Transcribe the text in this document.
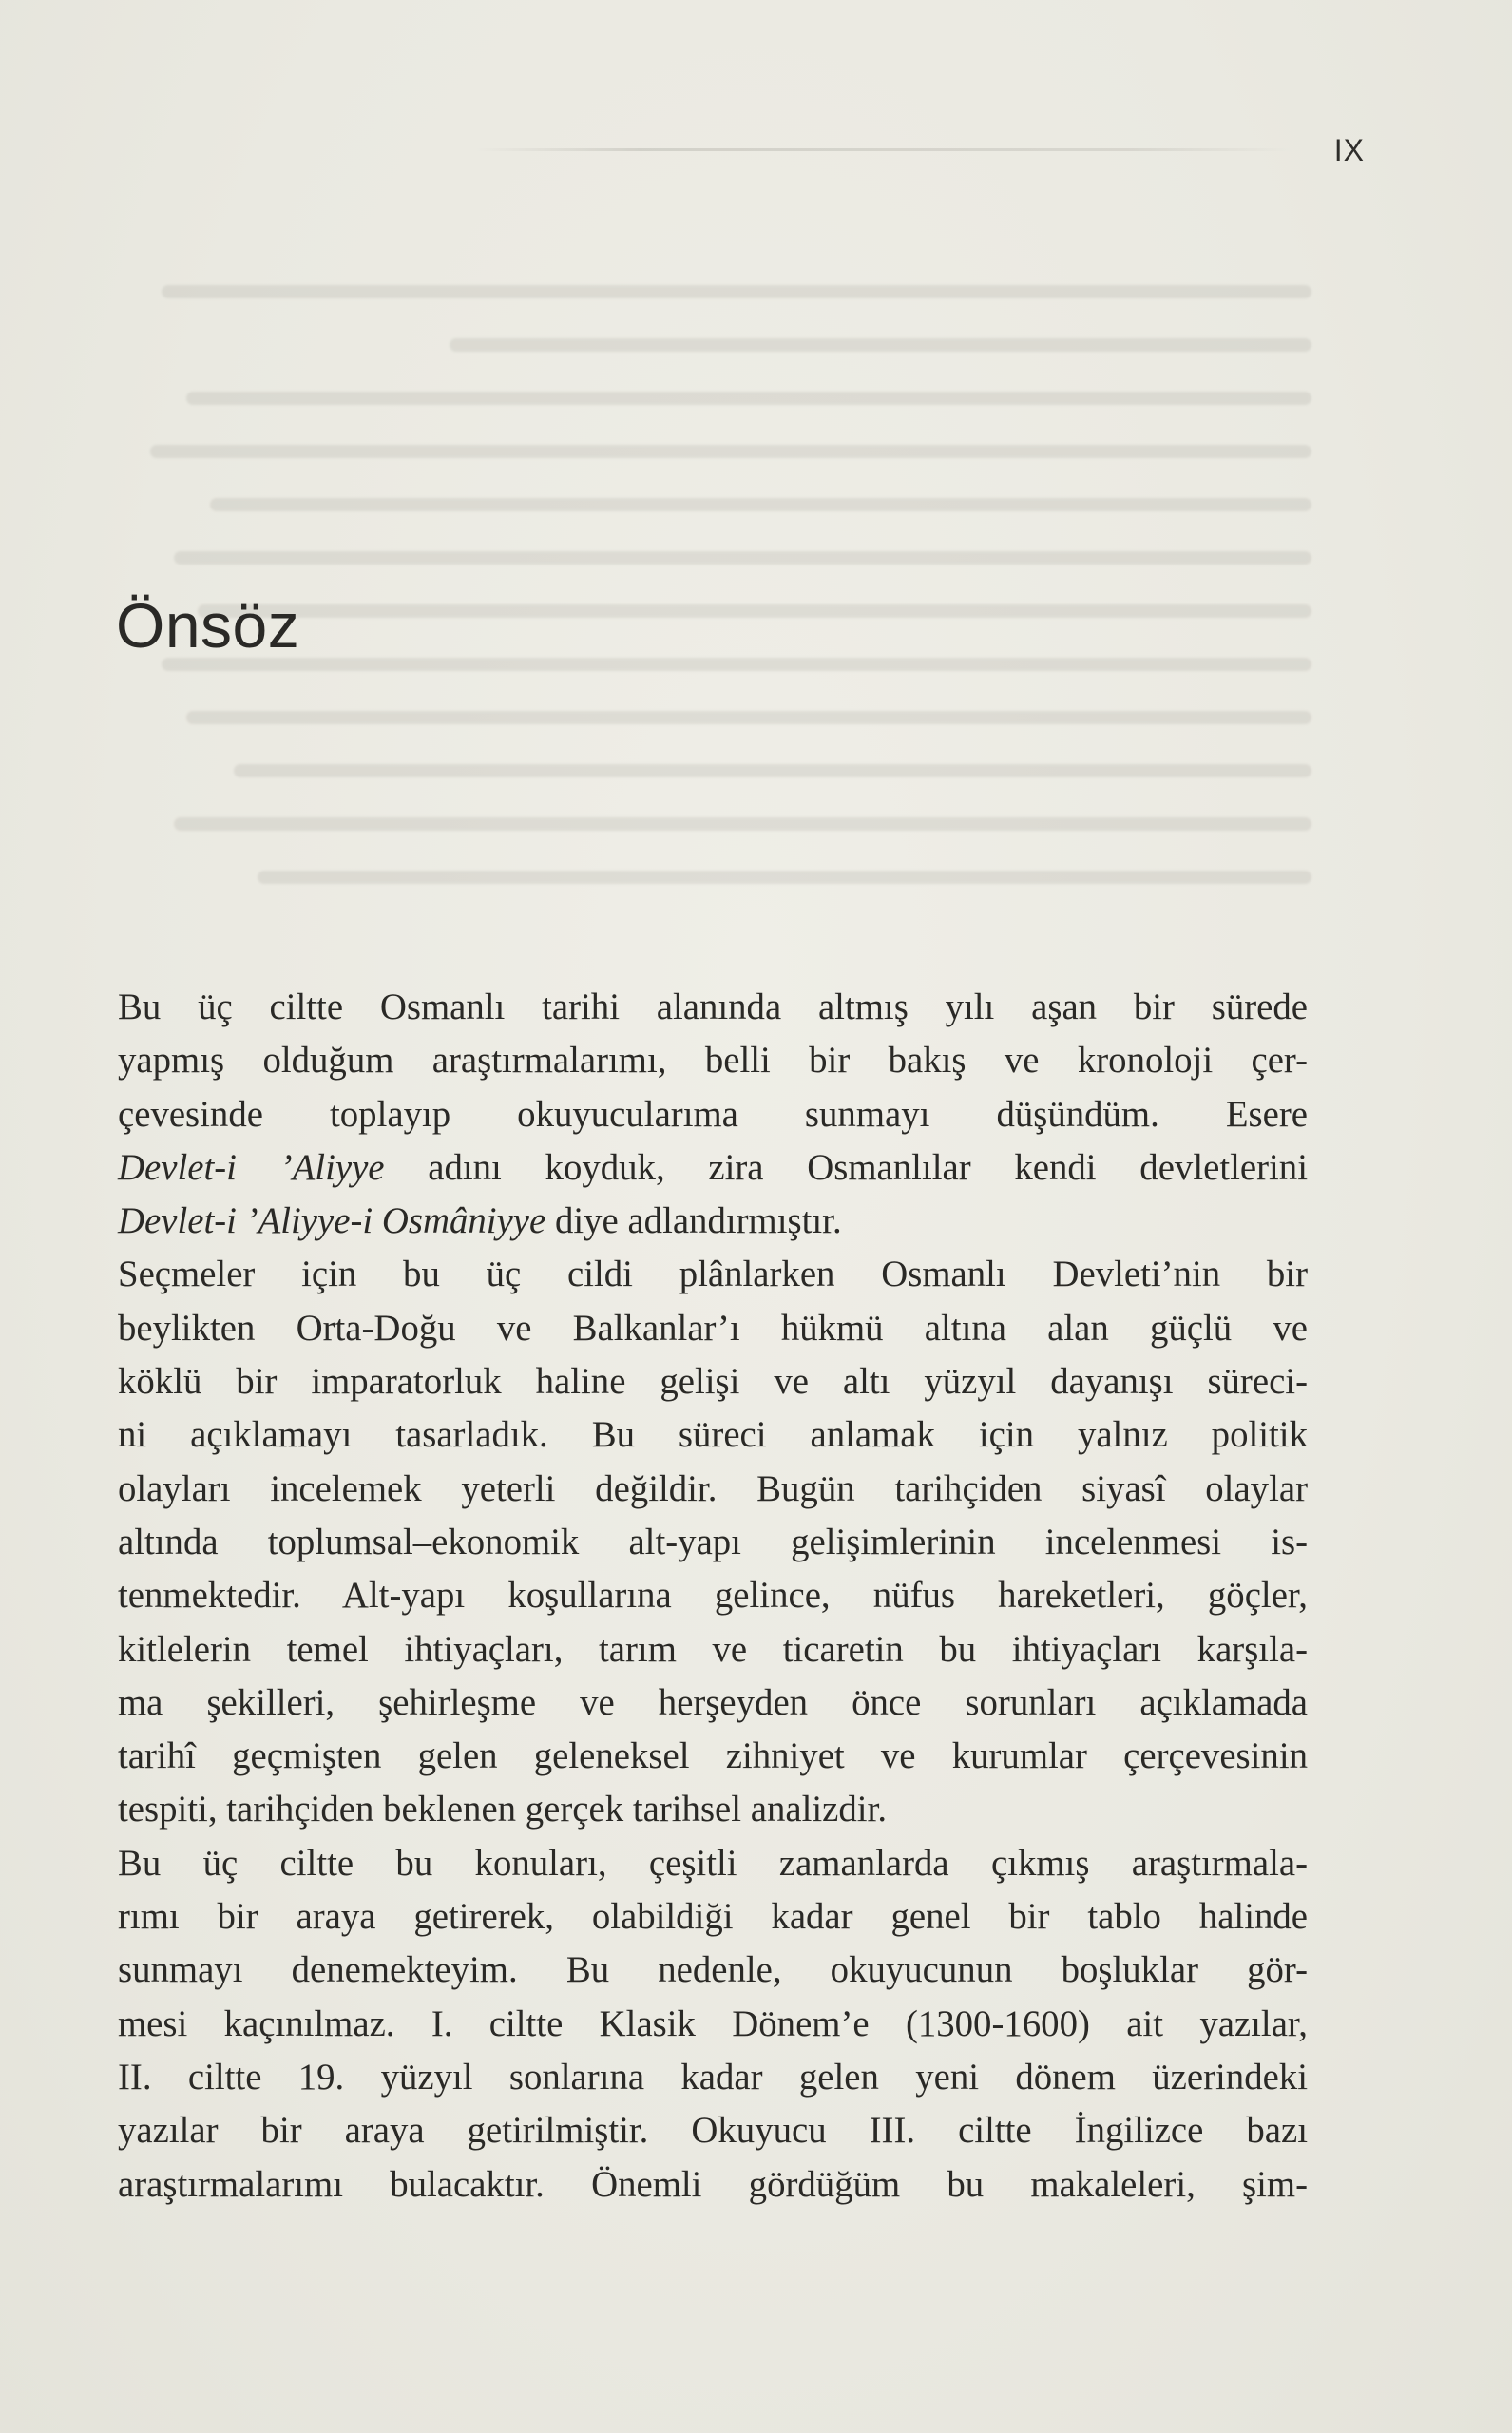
IX
Önsöz

Bu üç ciltte Osmanlı tarihi alanında altmış yılı aşan bir sürede
yapmış olduğum araştırmalarımı, belli bir bakış ve kronoloji çer-
çevesinde toplayıp okuyucularıma sunmayı düşündüm. Esere
Devlet-i ’Aliyye adını koyduk, zira Osmanlılar kendi devletlerini
Devlet-i ’Aliyye-i Osmâniyye diye adlandırmıştır.

Seçmeler için bu üç cildi plânlarken Osmanlı Devleti’nin bir
beylikten Orta-Doğu ve Balkanlar’ı hükmü altına alan güçlü ve
köklü bir imparatorluk haline gelişi ve altı yüzyıl dayanışı süreci-
ni açıklamayı tasarladık. Bu süreci anlamak için yalnız politik
olayları incelemek yeterli değildir. Bugün tarihçiden siyasî olaylar
altında toplumsal–ekonomik alt-yapı gelişimlerinin incelenmesi is-
tenmektedir. Alt-yapı koşullarına gelince, nüfus hareketleri, göçler,
kitlelerin temel ihtiyaçları, tarım ve ticaretin bu ihtiyaçları karşıla-
ma şekilleri, şehirleşme ve herşeyden önce sorunları açıklamada
tarihî geçmişten gelen geleneksel zihniyet ve kurumlar çerçevesinin
tespiti, tarihçiden beklenen gerçek tarihsel analizdir.

Bu üç ciltte bu konuları, çeşitli zamanlarda çıkmış araştırmala-
rımı bir araya getirerek, olabildiği kadar genel bir tablo halinde
sunmayı denemekteyim. Bu nedenle, okuyucunun boşluklar gör-
mesi kaçınılmaz. I. ciltte Klasik Dönem’e (1300-1600) ait yazılar,
II. ciltte 19. yüzyıl sonlarına kadar gelen yeni dönem üzerindeki
yazılar bir araya getirilmiştir. Okuyucu III. ciltte İngilizce bazı
araştırmalarımı bulacaktır. Önemli gördüğüm bu makaleleri, şim-
